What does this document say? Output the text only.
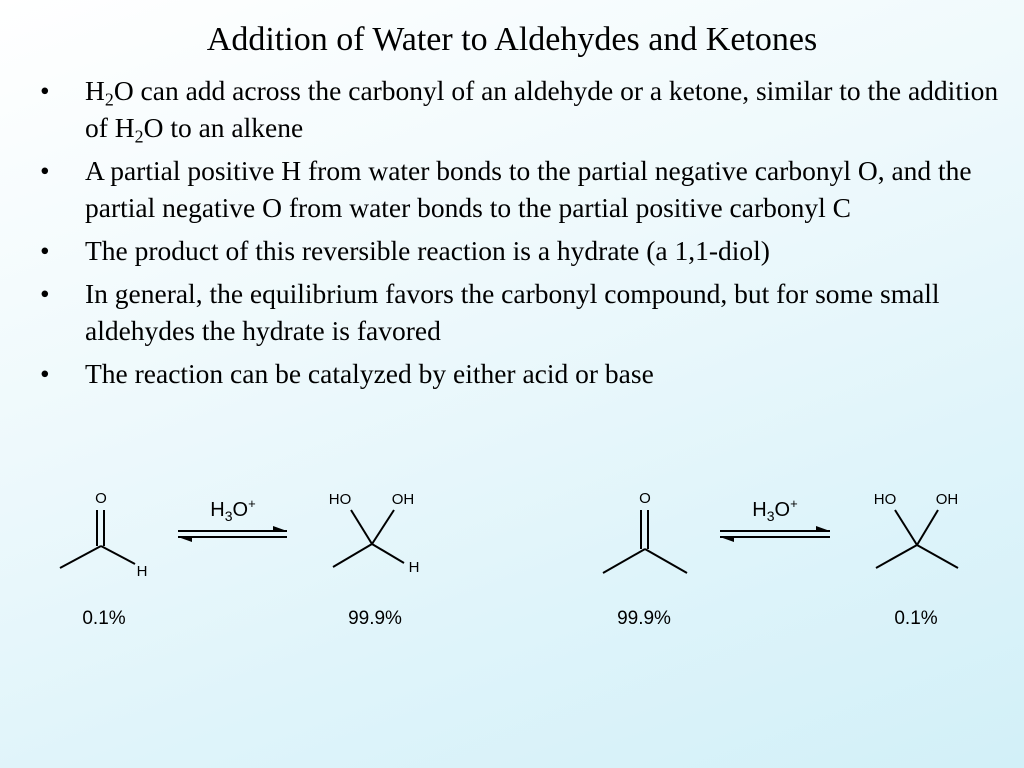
Addition of Water to Aldehydes and Ketones
• $H_2O$ can add across the carbonyl of an aldehyde or a ketone, similar to the addition of $H_2O$ to an alkene
• A partial positive H from water bonds to the partial negative carbonyl O, and the partial negative O from water bonds to the partial positive carbonyl C
• The product of this reversible reaction is a hydrate (a 1,1-diol)
• In general, the equilibrium favors the carbonyl compound, but for some small aldehydes the hydrate is favored
• The reaction can be catalyzed by either acid or base
O
H
$H_3O^+$	HO	OH
H
O
$H_3O^+$	HO	OH
0.1%	99.9%	99.9%	0.1%
